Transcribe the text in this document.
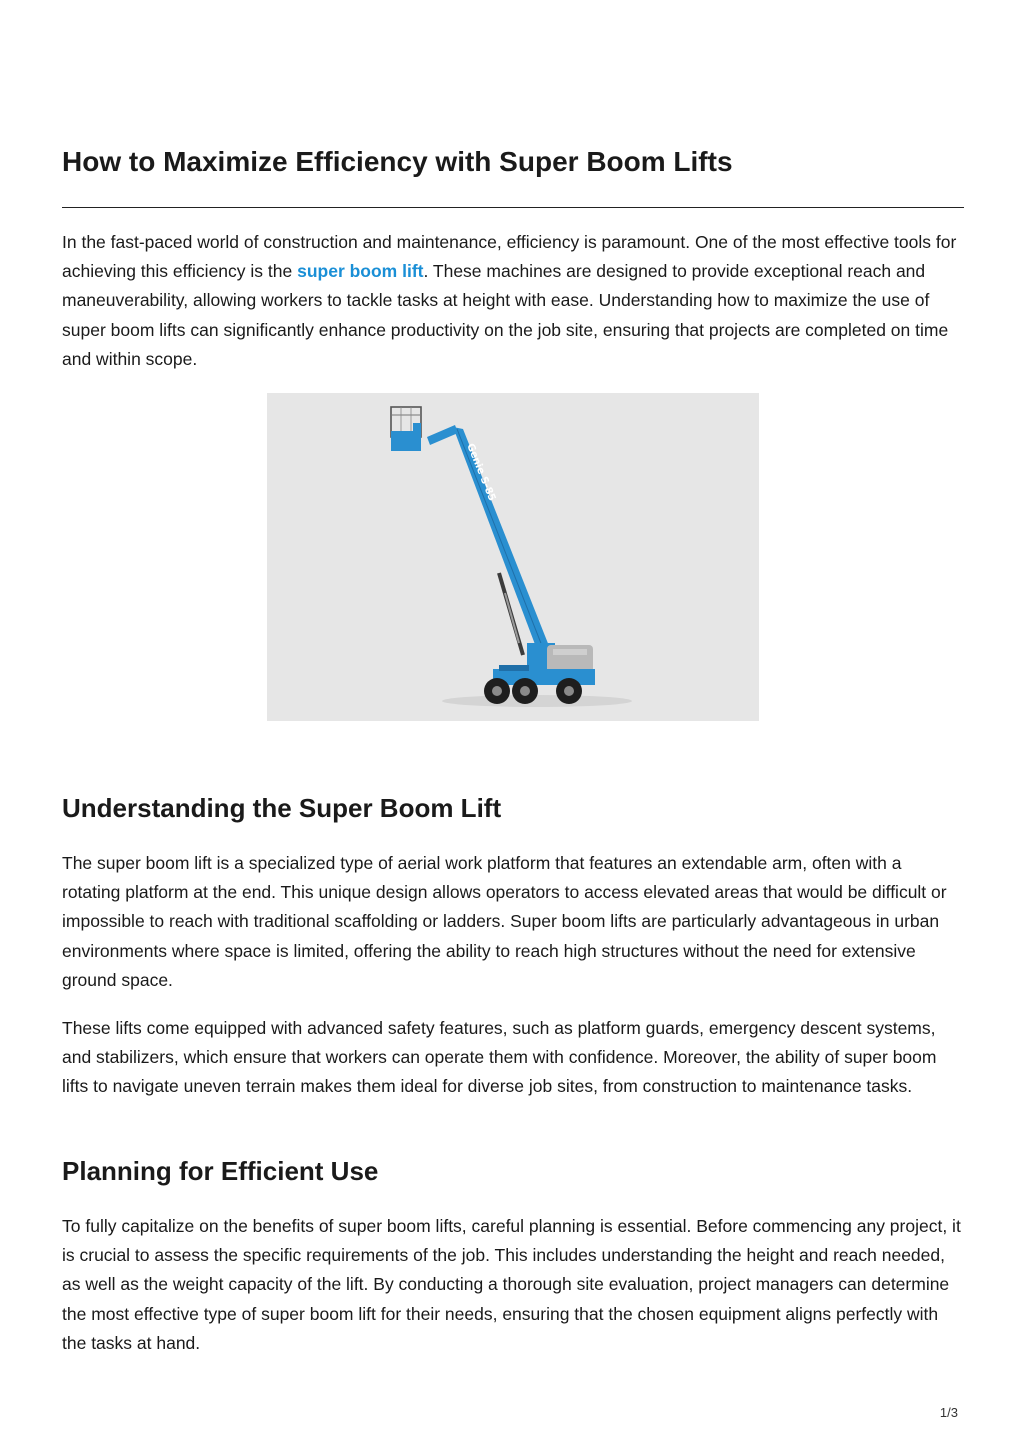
How to Maximize Efficiency with Super Boom Lifts

In the fast-paced world of construction and maintenance, efficiency is paramount. One of the most effective tools for achieving this efficiency is the super boom lift. These machines are designed to provide exceptional reach and maneuverability, allowing workers to tackle tasks at height with ease. Understanding how to maximize the use of super boom lifts can significantly enhance productivity on the job site, ensuring that projects are completed on time and within scope.

Genie S-85
Understanding the Super Boom Lift

The super boom lift is a specialized type of aerial work platform that features an extendable arm, often with a rotating platform at the end. This unique design allows operators to access elevated areas that would be difficult or impossible to reach with traditional scaffolding or ladders. Super boom lifts are particularly advantageous in urban environments where space is limited, offering the ability to reach high structures without the need for extensive ground space.

These lifts come equipped with advanced safety features, such as platform guards, emergency descent systems, and stabilizers, which ensure that workers can operate them with confidence. Moreover, the ability of super boom lifts to navigate uneven terrain makes them ideal for diverse job sites, from construction to maintenance tasks.

Planning for Efficient Use

To fully capitalize on the benefits of super boom lifts, careful planning is essential. Before commencing any project, it is crucial to assess the specific requirements of the job. This includes understanding the height and reach needed, as well as the weight capacity of the lift. By conducting a thorough site evaluation, project managers can determine the most effective type of super boom lift for their needs, ensuring that the chosen equipment aligns perfectly with the tasks at hand.

1/3
